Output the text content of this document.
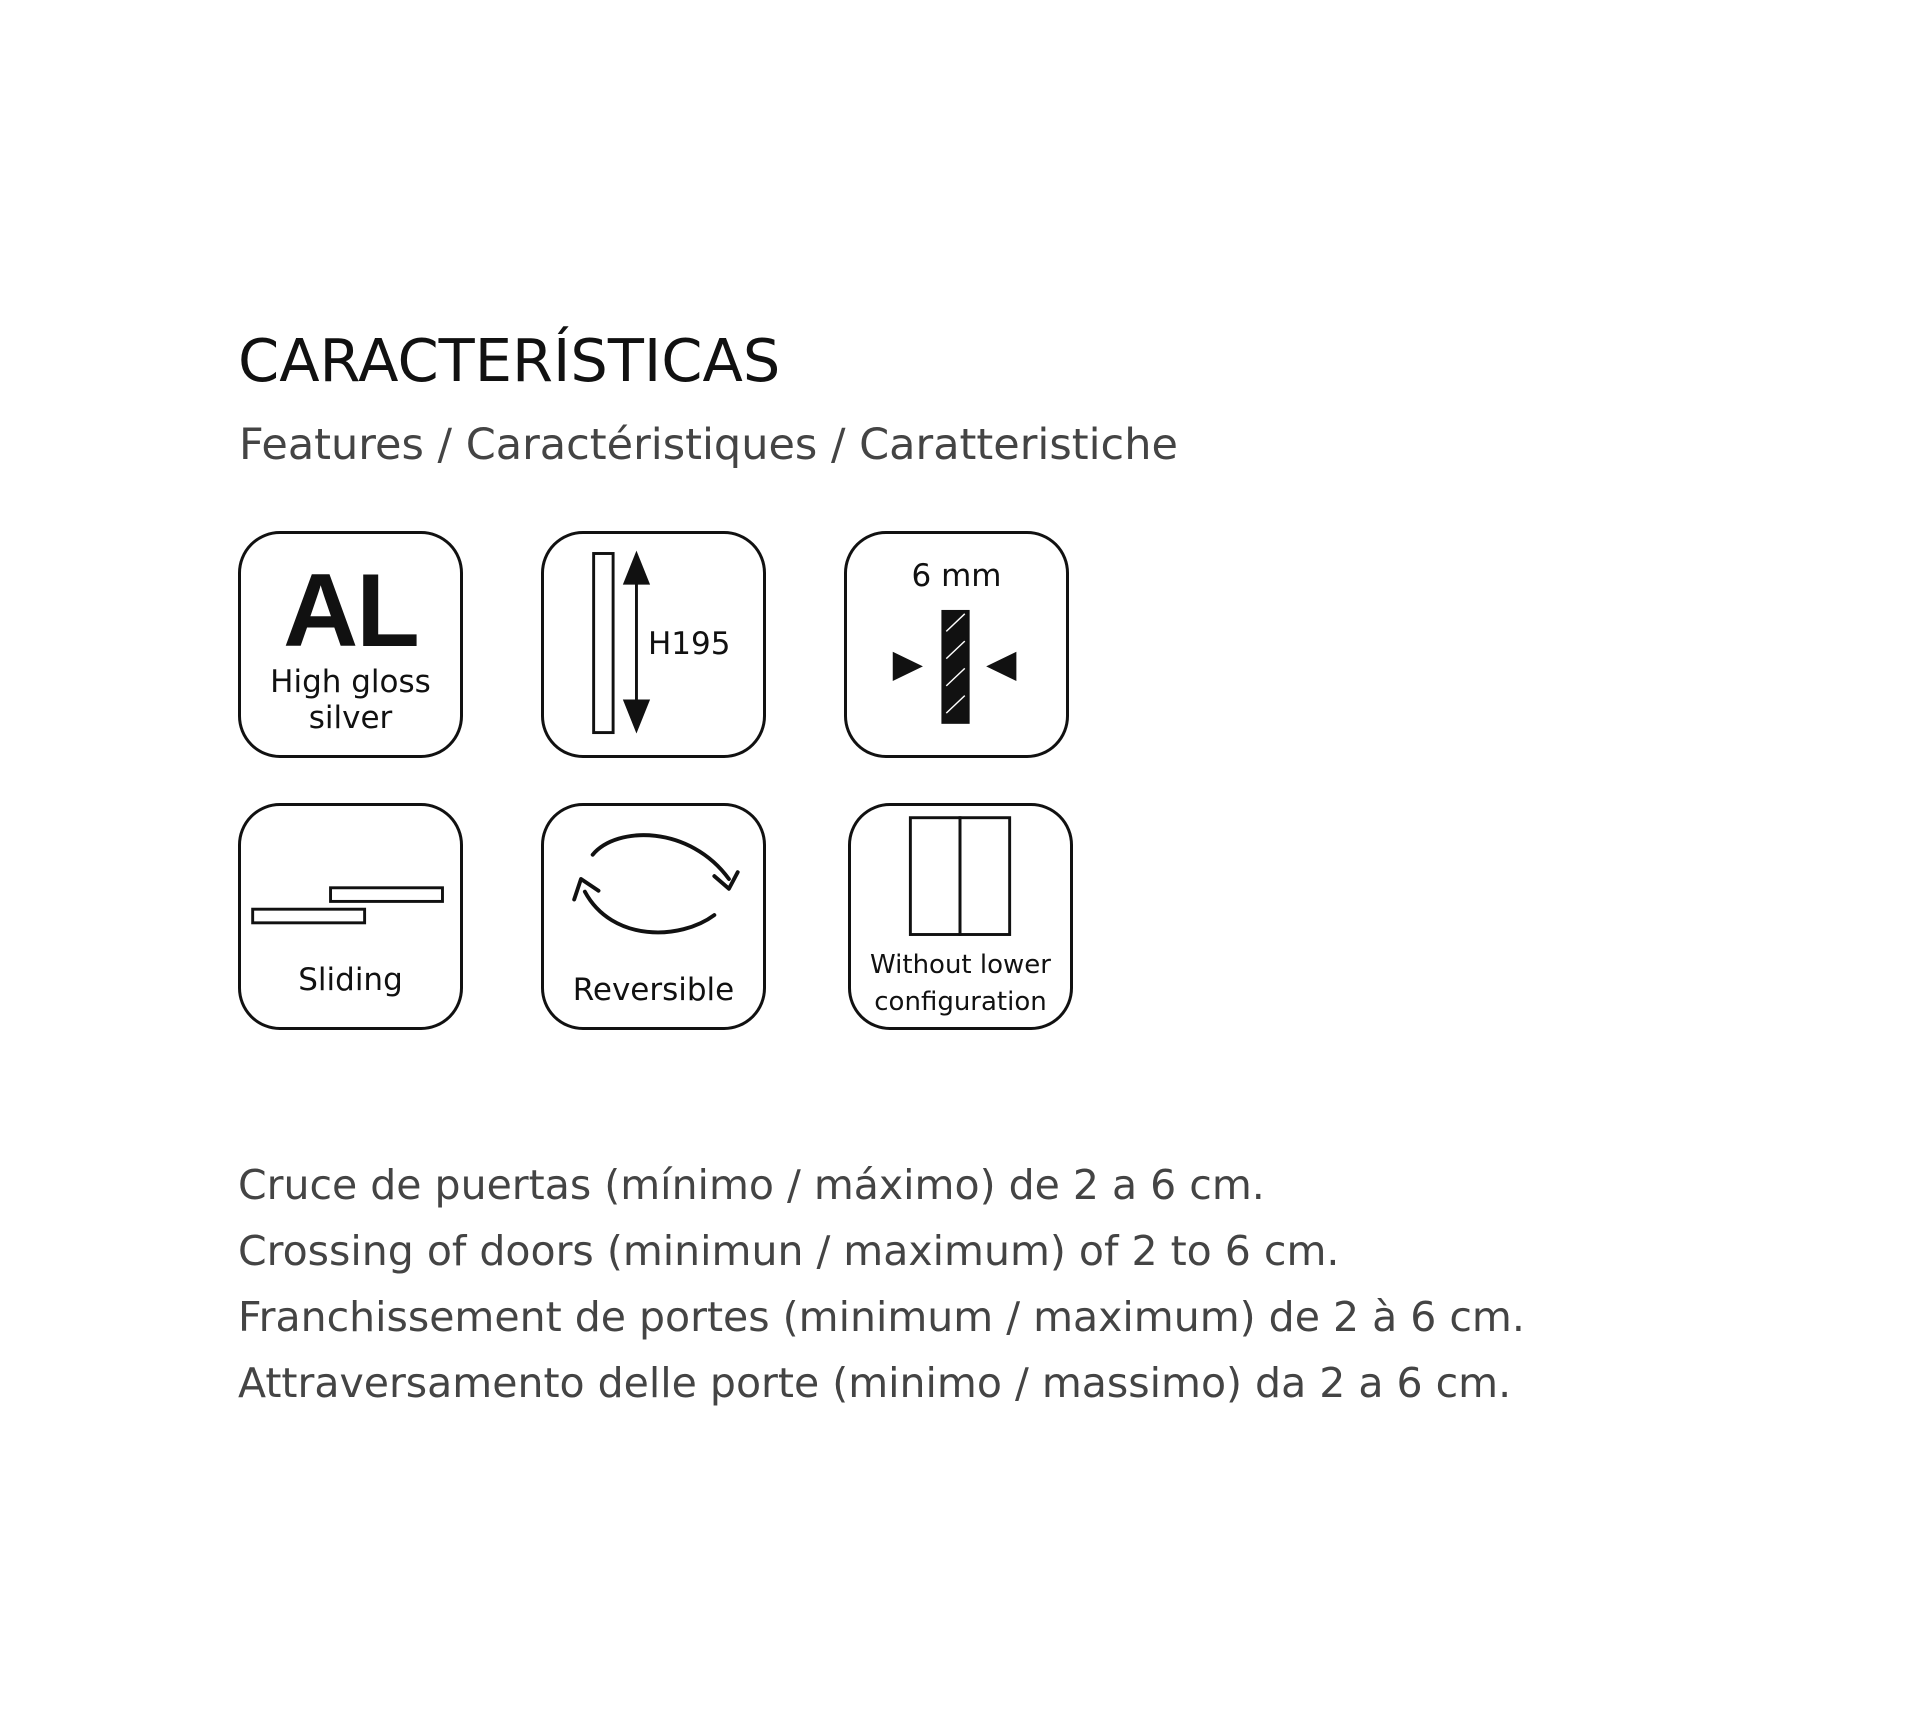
CARACTERÍSTICAS
Features / Caractéristiques / Caratteristiche
AL
High gloss
silver
H195
6 mm
Sliding	Reversible
Without lower
configuration
Cruce de puertas (mínimo / máximo) de 2 a 6 cm.
Crossing of doors (minimun / maximum) of 2 to 6 cm.
Franchissement de portes (minimum / maximum) de 2 à 6 cm.
Attraversamento delle porte (minimo / massimo) da 2 a 6 cm.
